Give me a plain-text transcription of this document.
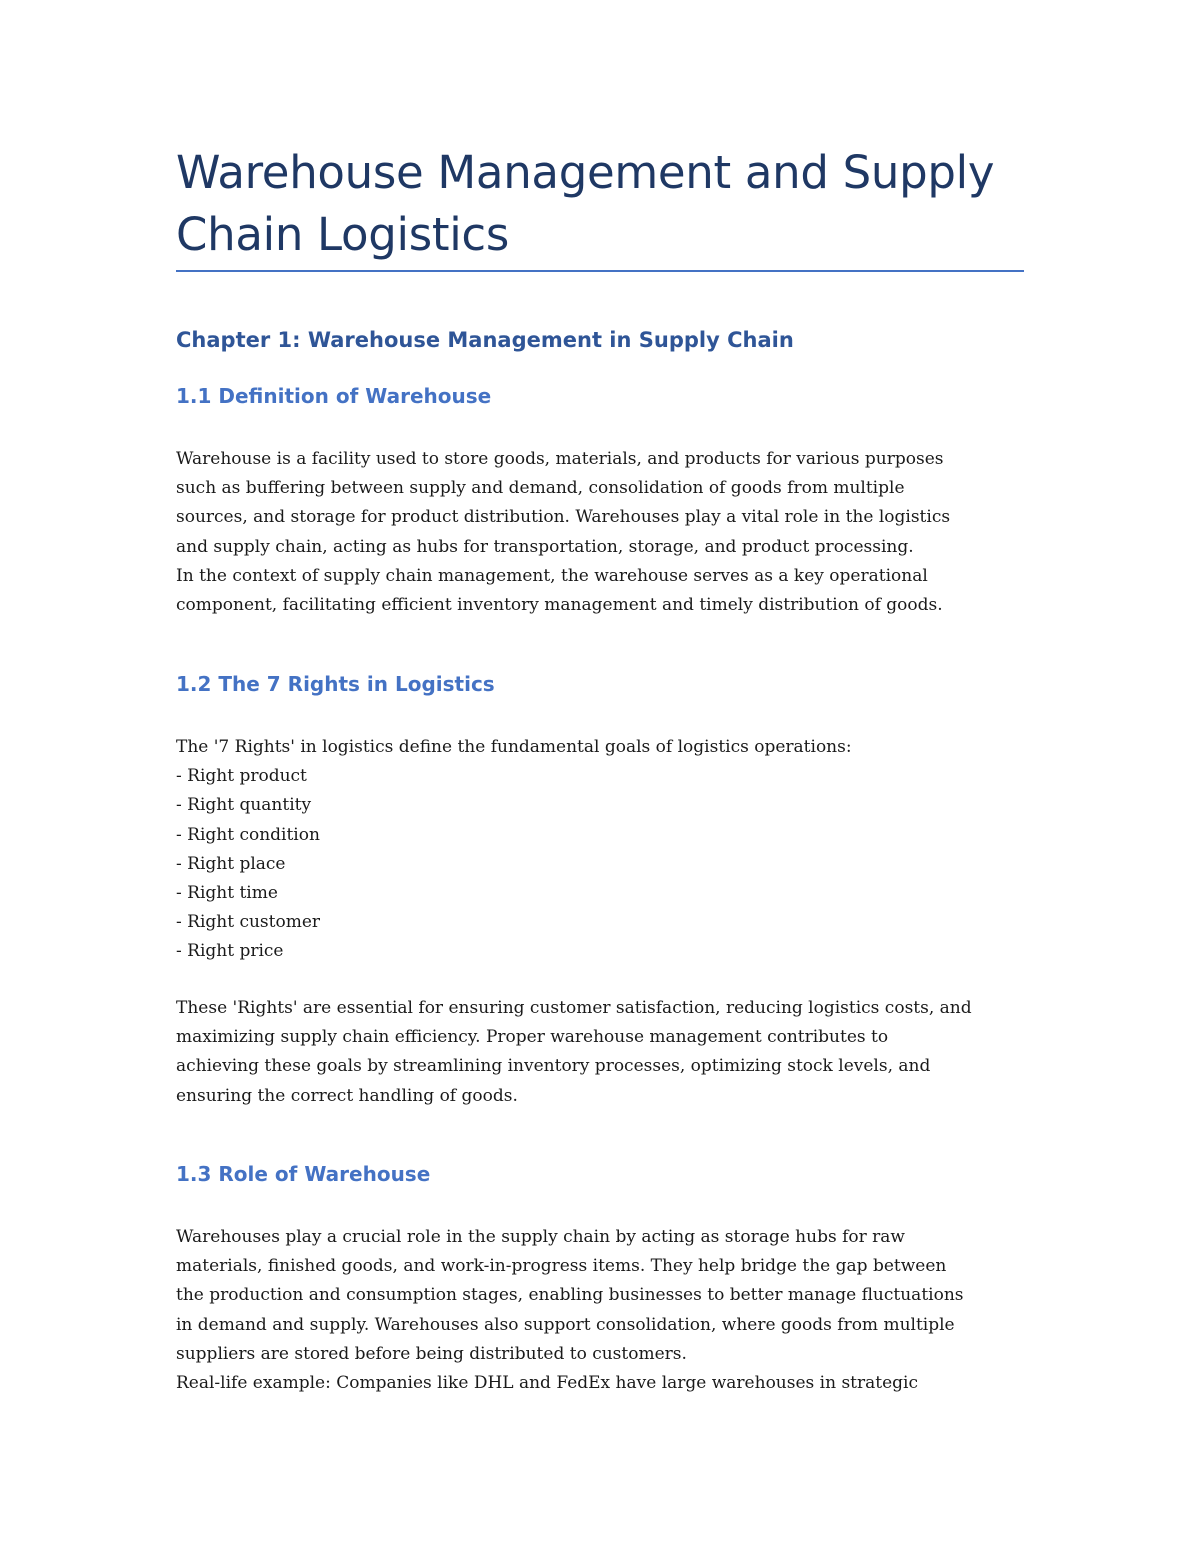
Warehouse Management and Supply Chain Logistics
Chapter 1: Warehouse Management in Supply Chain
1.1 Definition of Warehouse

Warehouse is a facility used to store goods, materials, and products for various purposes
such as buffering between supply and demand, consolidation of goods from multiple
sources, and storage for product distribution. Warehouses play a vital role in the logistics
and supply chain, acting as hubs for transportation, storage, and product processing.
In the context of supply chain management, the warehouse serves as a key operational
component, facilitating efficient inventory management and timely distribution of goods.

1.2 The 7 Rights in Logistics

The '7 Rights' in logistics define the fundamental goals of logistics operations:
- Right product
- Right quantity
- Right condition
- Right place
- Right time
- Right customer
- Right price

These 'Rights' are essential for ensuring customer satisfaction, reducing logistics costs, and
maximizing supply chain efficiency. Proper warehouse management contributes to
achieving these goals by streamlining inventory processes, optimizing stock levels, and
ensuring the correct handling of goods.

1.3 Role of Warehouse

Warehouses play a crucial role in the supply chain by acting as storage hubs for raw
materials, finished goods, and work-in-progress items. They help bridge the gap between
the production and consumption stages, enabling businesses to better manage fluctuations
in demand and supply. Warehouses also support consolidation, where goods from multiple
suppliers are stored before being distributed to customers.
Real-life example: Companies like DHL and FedEx have large warehouses in strategic
